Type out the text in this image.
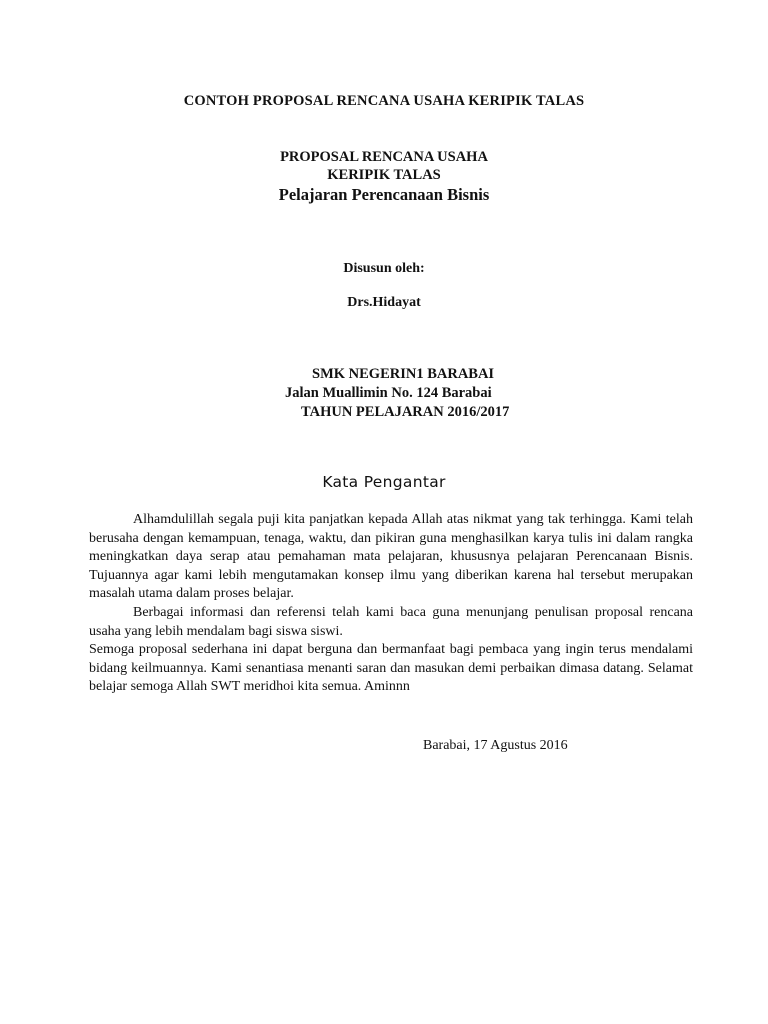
CONTOH PROPOSAL RENCANA USAHA KERIPIK TALAS
PROPOSAL RENCANA USAHA
KERIPIK TALAS
Pelajaran Perencanaan Bisnis
Disusun oleh:
Drs.Hidayat
SMK NEGERIN1 BARABAI
Jalan Muallimin No. 124 Barabai
TAHUN PELAJARAN 2016/2017
Kata Pengantar

Alhamdulillah segala puji kita panjatkan kepada Allah atas nikmat yang tak terhingga. Kami telah berusaha dengan kemampuan, tenaga, waktu, dan pikiran guna menghasilkan karya tulis ini dalam rangka meningkatkan daya serap atau pemahaman mata pelajaran, khususnya pelajaran Perencanaan Bisnis. Tujuannya agar kami lebih mengutamakan konsep ilmu yang diberikan karena hal tersebut merupakan masalah utama dalam proses belajar.

Berbagai informasi dan referensi telah kami baca guna menunjang penulisan proposal rencana usaha yang lebih mendalam bagi siswa siswi.

Semoga proposal sederhana ini dapat berguna dan bermanfaat bagi pembaca yang ingin terus mendalami bidang keilmuannya. Kami senantiasa menanti saran dan masukan demi perbaikan dimasa datang. Selamat belajar semoga Allah SWT meridhoi kita semua. Aminnn

Barabai, 17 Agustus 2016
